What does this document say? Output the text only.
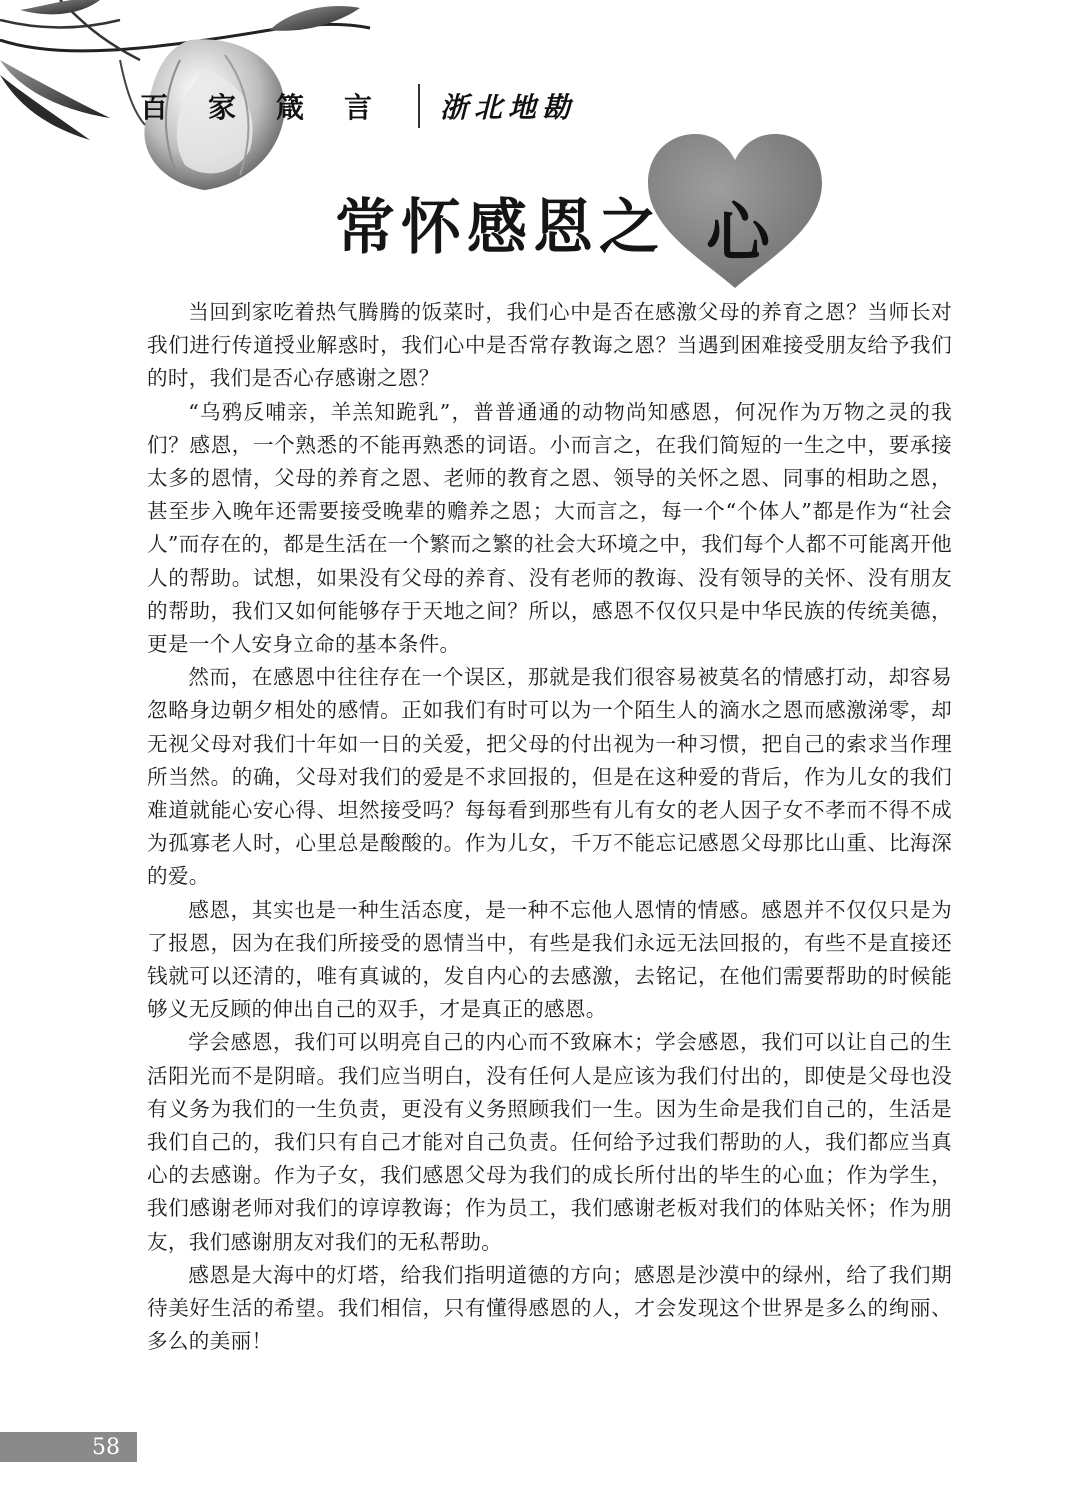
百家箴言 浙北地勘
常怀感恩之 心

当回到家吃着热气腾腾的饭菜时，我们心中是否在感激父母的养育之恩？当师长对我们进行传道授业解惑时，我们心中是否常存教诲之恩？当遇到困难接受朋友给予我们的时，我们是否心存感谢之恩？

“乌鸦反哺亲，羊羔知跪乳”，普普通通的动物尚知感恩，何况作为万物之灵的我们？感恩，一个熟悉的不能再熟悉的词语。小而言之，在我们简短的一生之中，要承接太多的恩情，父母的养育之恩、老师的教育之恩、领导的关怀之恩、同事的相助之恩，甚至步入晚年还需要接受晚辈的赡养之恩；大而言之，每一个“个体人”都是作为“社会人”而存在的，都是生活在一个繁而之繁的社会大环境之中，我们每个人都不可能离开他人的帮助。试想，如果没有父母的养育、没有老师的教诲、没有领导的关怀、没有朋友的帮助，我们又如何能够存于天地之间？所以，感恩不仅仅只是中华民族的传统美德，更是一个人安身立命的基本条件。

然而，在感恩中往往存在一个误区，那就是我们很容易被莫名的情感打动，却容易忽略身边朝夕相处的感情。正如我们有时可以为一个陌生人的滴水之恩而感激涕零，却无视父母对我们十年如一日的关爱，把父母的付出视为一种习惯，把自己的索求当作理所当然。的确，父母对我们的爱是不求回报的，但是在这种爱的背后，作为儿女的我们难道就能心安心得、坦然接受吗？每每看到那些有儿有女的老人因子女不孝而不得不成为孤寡老人时，心里总是酸酸的。作为儿女，千万不能忘记感恩父母那比山重、比海深的爱。

感恩，其实也是一种生活态度，是一种不忘他人恩情的情感。感恩并不仅仅只是为了报恩，因为在我们所接受的恩情当中，有些是我们永远无法回报的，有些不是直接还钱就可以还清的，唯有真诚的，发自内心的去感激，去铭记，在他们需要帮助的时候能够义无反顾的伸出自己的双手，才是真正的感恩。

学会感恩，我们可以明亮自己的内心而不致麻木；学会感恩，我们可以让自己的生活阳光而不是阴暗。我们应当明白，没有任何人是应该为我们付出的，即使是父母也没有义务为我们的一生负责，更没有义务照顾我们一生。因为生命是我们自己的，生活是我们自己的，我们只有自己才能对自己负责。任何给予过我们帮助的人，我们都应当真心的去感谢。作为子女，我们感恩父母为我们的成长所付出的毕生的心血；作为学生，我们感谢老师对我们的谆谆教诲；作为员工，我们感谢老板对我们的体贴关怀；作为朋友，我们感谢朋友对我们的无私帮助。

感恩是大海中的灯塔，给我们指明道德的方向；感恩是沙漠中的绿州，给了我们期待美好生活的希望。我们相信，只有懂得感恩的人，才会发现这个世界是多么的绚丽、多么的美丽！

58
